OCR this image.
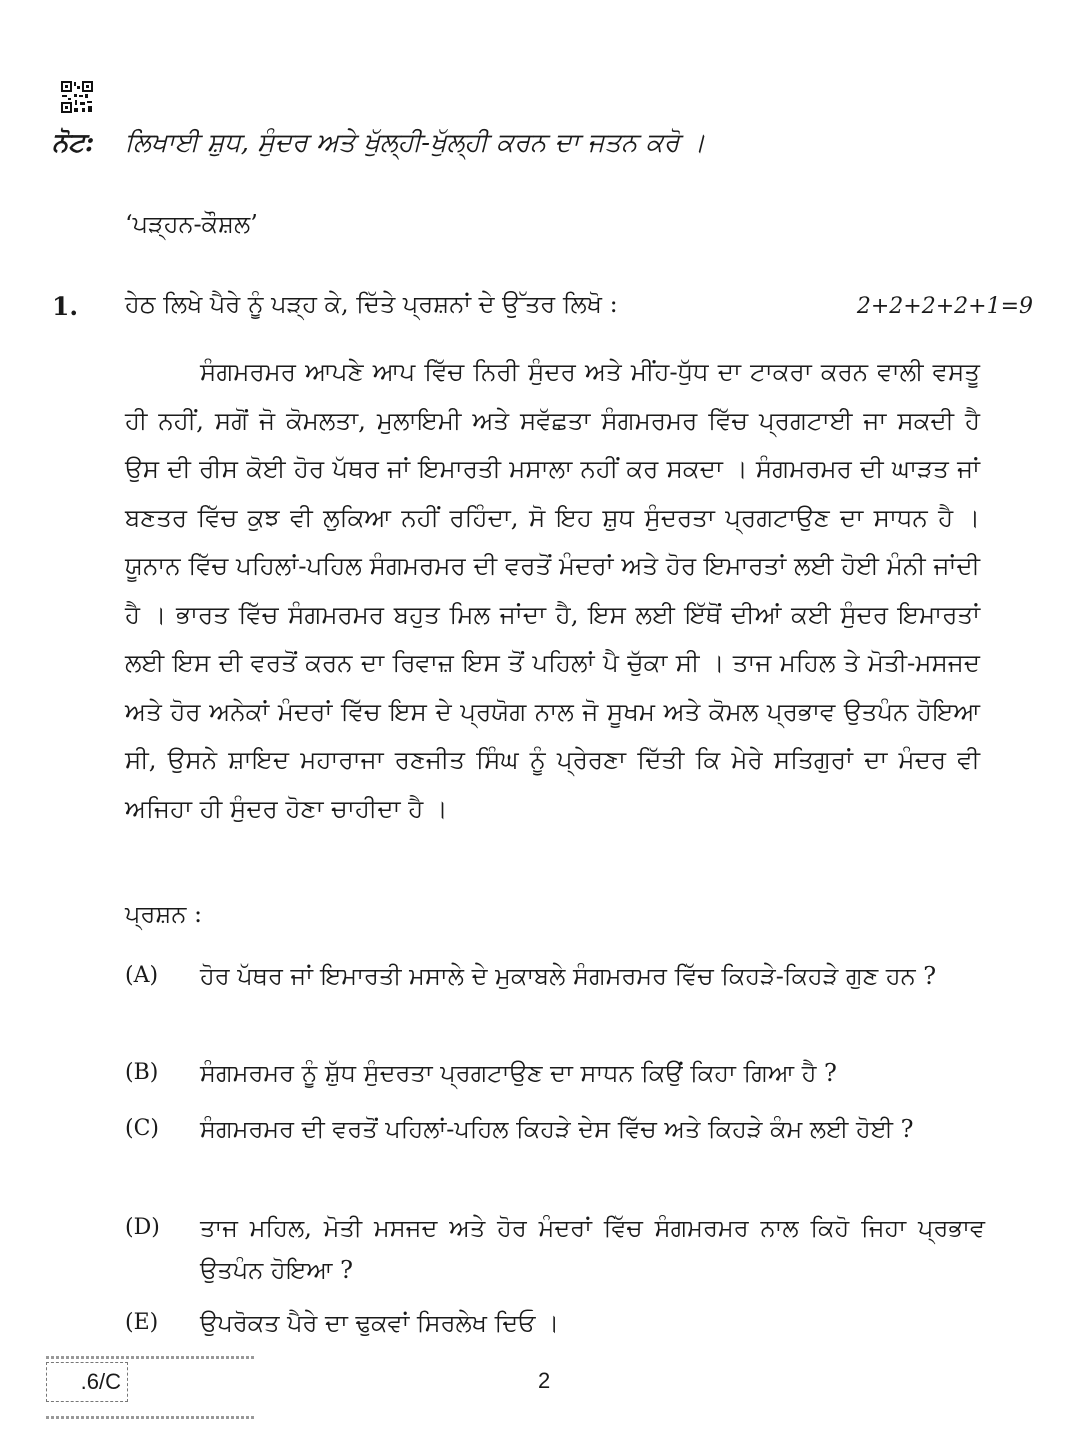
ਨੋਟ: ਲਿਖਾਈ ਸ਼ੁਧ, ਸੁੰਦਰ ਅਤੇ ਖੁੱਲ੍ਹੀ-ਖੁੱਲ੍ਹੀ ਕਰਨ ਦਾ ਜਤਨ ਕਰੋ ।
‘ਪੜ੍ਹਨ-ਕੌਸ਼ਲ’
1. ਹੇਠ ਲਿਖੇ ਪੈਰੇ ਨੂੰ ਪੜ੍ਹ ਕੇ, ਦਿੱਤੇ ਪ੍ਰਸ਼ਨਾਂ ਦੇ ਉੱਤਰ ਲਿਖੋ :	2+2+2+2+1=9
ਸੰਗਮਰਮਰ ਆਪਣੇ ਆਪ ਵਿੱਚ ਨਿਰੀ ਸੁੰਦਰ ਅਤੇ ਮੀਂਹ-ਧੁੱਧ ਦਾ ਟਾਕਰਾ ਕਰਨ ਵਾਲੀ ਵਸਤੂ ਹੀ ਨਹੀਂ, ਸਗੋਂ ਜੋ ਕੋਮਲਤਾ, ਮੁਲਾਇਮੀ ਅਤੇ ਸਵੱਛਤਾ ਸੰਗਮਰਮਰ ਵਿੱਚ ਪ੍ਰਗਟਾਈ ਜਾ ਸਕਦੀ ਹੈ ਉਸ ਦੀ ਰੀਸ ਕੋਈ ਹੋਰ ਪੱਥਰ ਜਾਂ ਇਮਾਰਤੀ ਮਸਾਲਾ ਨਹੀਂ ਕਰ ਸਕਦਾ । ਸੰਗਮਰਮਰ ਦੀ ਘਾੜਤ ਜਾਂ ਬਣਤਰ ਵਿੱਚ ਕੁਝ ਵੀ ਲੁਕਿਆ ਨਹੀਂ ਰਹਿੰਦਾ, ਸੋ ਇਹ ਸ਼ੁਧ ਸੁੰਦਰਤਾ ਪ੍ਰਗਟਾਉਣ ਦਾ ਸਾਧਨ ਹੈ । ਯੂਨਾਨ ਵਿੱਚ ਪਹਿਲਾਂ-ਪਹਿਲ ਸੰਗਮਰਮਰ ਦੀ ਵਰਤੋਂ ਮੰਦਰਾਂ ਅਤੇ ਹੋਰ ਇਮਾਰਤਾਂ ਲਈ ਹੋਈ ਮੰਨੀ ਜਾਂਦੀ ਹੈ । ਭਾਰਤ ਵਿੱਚ ਸੰਗਮਰਮਰ ਬਹੁਤ ਮਿਲ ਜਾਂਦਾ ਹੈ, ਇਸ ਲਈ ਇੱਥੋਂ ਦੀਆਂ ਕਈ ਸੁੰਦਰ ਇਮਾਰਤਾਂ ਲਈ ਇਸ ਦੀ ਵਰਤੋਂ ਕਰਨ ਦਾ ਰਿਵਾਜ਼ ਇਸ ਤੋਂ ਪਹਿਲਾਂ ਪੈ ਚੁੱਕਾ ਸੀ । ਤਾਜ ਮਹਿਲ ਤੇ ਮੋਤੀ-ਮਸਜਦ ਅਤੇ ਹੋਰ ਅਨੇਕਾਂ ਮੰਦਰਾਂ ਵਿੱਚ ਇਸ ਦੇ ਪ੍ਰਯੋਗ ਨਾਲ ਜੋ ਸੂਖਮ ਅਤੇ ਕੋਮਲ ਪ੍ਰਭਾਵ ਉਤਪੰਨ ਹੋਇਆ ਸੀ, ਉਸਨੇ ਸ਼ਾਇਦ ਮਹਾਰਾਜਾ ਰਣਜੀਤ ਸਿੰਘ ਨੂੰ ਪ੍ਰੇਰਣਾ ਦਿੱਤੀ ਕਿ ਮੇਰੇ ਸਤਿਗੁਰਾਂ ਦਾ ਮੰਦਰ ਵੀ ਅਜਿਹਾ ਹੀ ਸੁੰਦਰ ਹੋਣਾ ਚਾਹੀਦਾ ਹੈ ।
ਪ੍ਰਸ਼ਨ :
(A) ਹੋਰ ਪੱਥਰ ਜਾਂ ਇਮਾਰਤੀ ਮਸਾਲੇ ਦੇ ਮੁਕਾਬਲੇ ਸੰਗਮਰਮਰ ਵਿੱਚ ਕਿਹੜੇ-ਕਿਹੜੇ ਗੁਣ ਹਨ ?
(B) ਸੰਗਮਰਮਰ ਨੂੰ ਸ਼ੁੱਧ ਸੁੰਦਰਤਾ ਪ੍ਰਗਟਾਉਣ ਦਾ ਸਾਧਨ ਕਿਉਂ ਕਿਹਾ ਗਿਆ ਹੈ ?
(C) ਸੰਗਮਰਮਰ ਦੀ ਵਰਤੋਂ ਪਹਿਲਾਂ-ਪਹਿਲ ਕਿਹੜੇ ਦੇਸ ਵਿੱਚ ਅਤੇ ਕਿਹੜੇ ਕੰਮ ਲਈ ਹੋਈ ?
(D) ਤਾਜ ਮਹਿਲ, ਮੋਤੀ ਮਸਜਦ ਅਤੇ ਹੋਰ ਮੰਦਰਾਂ ਵਿੱਚ ਸੰਗਮਰਮਰ ਨਾਲ ਕਿਹੋ ਜਿਹਾ ਪ੍ਰਭਾਵ ਉਤਪੰਨ ਹੋਇਆ ?
(E) ਉਪਰੋਕਤ ਪੈਰੇ ਦਾ ਢੁਕਵਾਂ ਸਿਰਲੇਖ ਦਿਓ ।
.6/C	2
